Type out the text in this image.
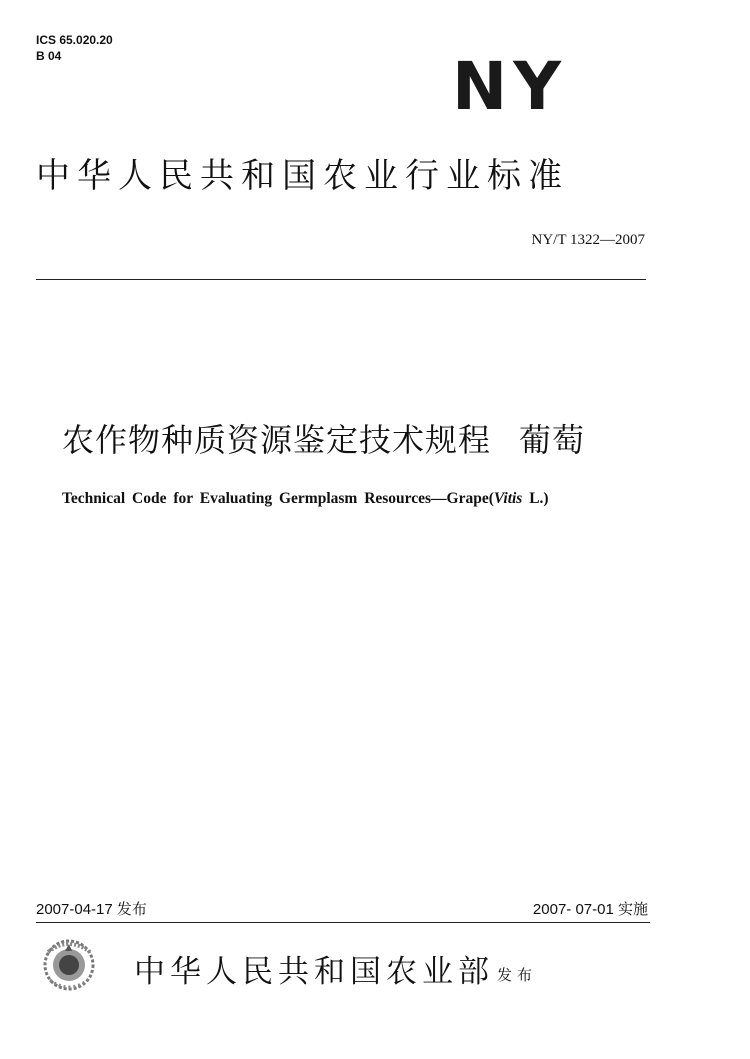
ICS 65.020.20
B 04	NY
中华人民共和国农业行业标准
NY/T 1322—2007
农作物种质资源鉴定技术规程 葡萄
Technical Code for Evaluating Germplasm Resources—Grape(Vitis L.)
2007-04-17 发布	2007- 07-01 实施
中华人民共和国农业部 发布
